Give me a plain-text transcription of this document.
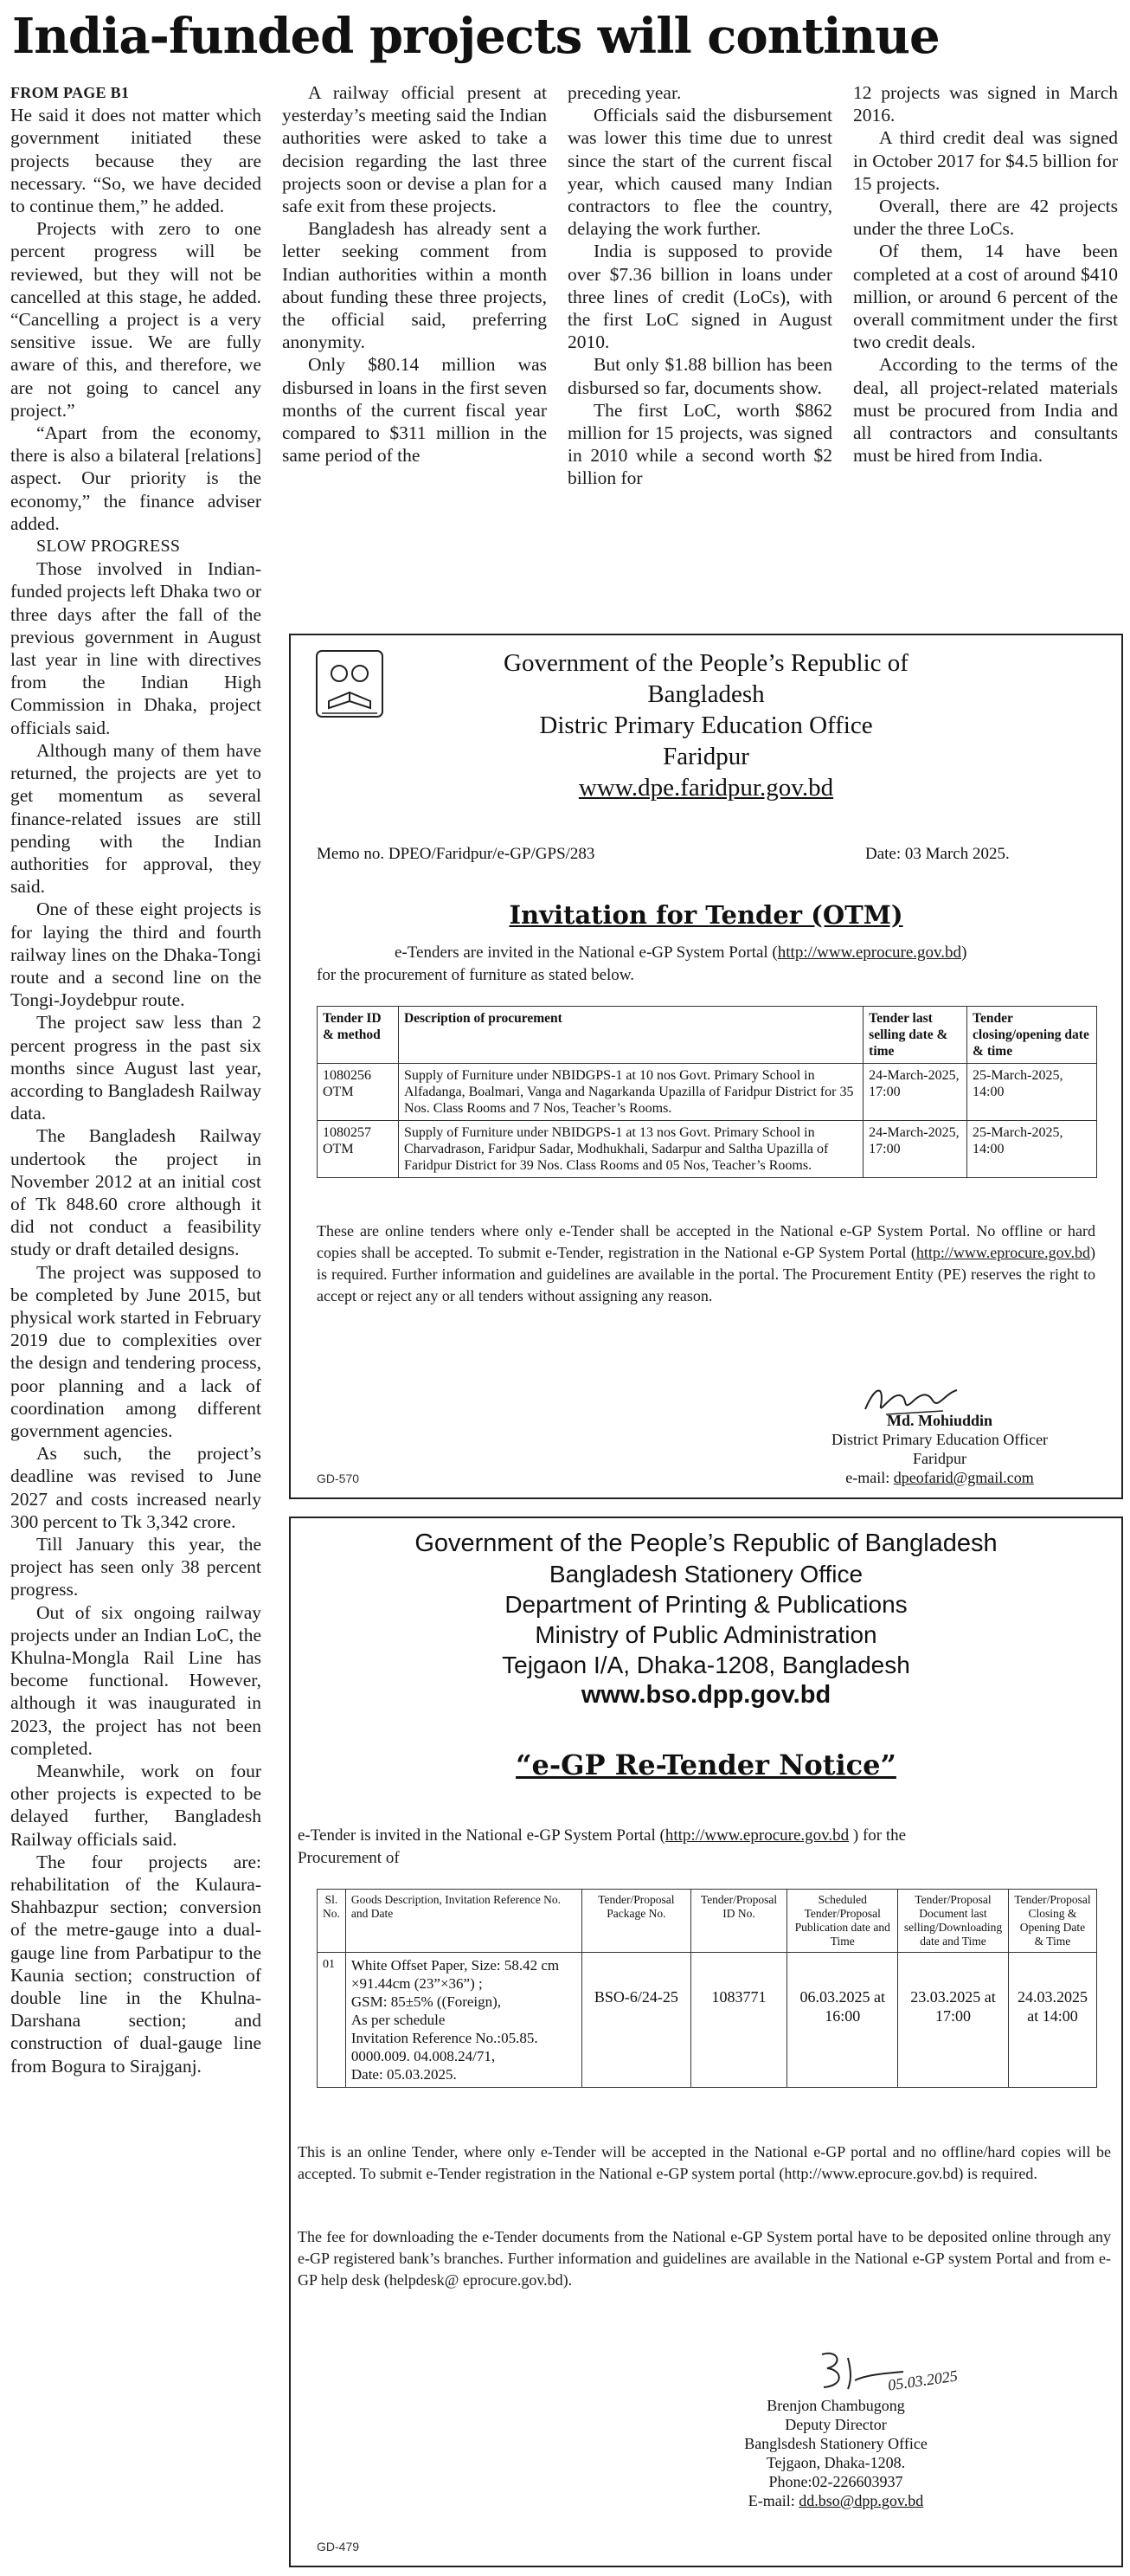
India-funded projects will continue

FROM PAGE B1

He said it does not matter which government initiated these projects because they are necessary. “So, we have decided to continue them,” he added.

Projects with zero to one percent progress will be reviewed, but they will not be cancelled at this stage, he added. “Cancelling a project is a very sensitive issue. We are fully aware of this, and therefore, we are not going to cancel any project.”

“Apart from the economy, there is also a bilateral [relations] aspect. Our priority is the economy,” the finance adviser added.

SLOW PROGRESS

Those involved in Indian-funded projects left Dhaka two or three days after the fall of the previous government in August last year in line with directives from the Indian High Commission in Dhaka, project officials said.

Although many of them have returned, the projects are yet to get momentum as several finance-related issues are still pending with the Indian authorities for approval, they said.

One of these eight projects is for laying the third and fourth railway lines on the Dhaka-Tongi route and a second line on the Tongi-Joydebpur route.

The project saw less than 2 percent progress in the past six months since August last year, according to Bangladesh Railway data.

The Bangladesh Railway undertook the project in November 2012 at an initial cost of Tk 848.60 crore although it did not conduct a feasibility study or draft detailed designs.

The project was supposed to be completed by June 2015, but physical work started in February 2019 due to complexities over the design and tendering process, poor planning and a lack of coordination among different government agencies.

As such, the project’s deadline was revised to June 2027 and costs increased nearly 300 percent to Tk 3,342 crore.

Till January this year, the project has seen only 38 percent progress.

Out of six ongoing railway projects under an Indian LoC, the Khulna-Mongla Rail Line has become functional. However, although it was inaugurated in 2023, the project has not been completed.

Meanwhile, work on four other projects is expected to be delayed further, Bangladesh Railway officials said.

The four projects are: rehabilitation of the Kulaura-Shahbazpur section; conversion of the metre-gauge into a dual-gauge line from Parbatipur to the Kaunia section; construction of double line in the Khulna-Darshana section; and construction of dual-gauge line from Bogura to Sirajganj.

A railway official present at yesterday’s meeting said the Indian authorities were asked to take a decision regarding the last three projects soon or devise a plan for a safe exit from these projects.

Bangladesh has already sent a letter seeking comment from Indian authorities within a month about funding these three projects, the official said, preferring anonymity.

Only $80.14 million was disbursed in loans in the first seven months of the current fiscal year compared to $311 million in the same period of the

preceding year.

Officials said the disbursement was lower this time due to unrest since the start of the current fiscal year, which caused many Indian contractors to flee the country, delaying the work further.

India is supposed to provide over $7.36 billion in loans under three lines of credit (LoCs), with the first LoC signed in August 2010.

But only $1.88 billion has been disbursed so far, documents show.

The first LoC, worth $862 million for 15 projects, was signed in 2010 while a second worth $2 billion for

12 projects was signed in March 2016.

A third credit deal was signed in October 2017 for $4.5 billion for 15 projects.

Overall, there are 42 projects under the three LoCs.

Of them, 14 have been completed at a cost of around $410 million, or around 6 percent of the overall commitment under the first two credit deals.

According to the terms of the deal, all project-related materials must be procured from India and all contractors and consultants must be hired from India.

Government of the People’s Republic of
Bangladesh
Distric Primary Education Office
Faridpur
www.dpe.faridpur.gov.bd
Memo no. DPEO/Faridpur/e-GP/GPS/283	Date: 03 March 2025.
Invitation for Tender (OTM)
e-Tenders are invited in the National e-GP System Portal (http://www.eprocure.gov.bd)
for the procurement of furniture as stated below.
Tender ID & method	Description of procurement	Tender last selling date & time	Tender closing/opening date & time

1080256
OTM	Supply of Furniture under NBIDGPS-1 at 10 nos Govt. Primary School in Alfadanga, Boalmari, Vanga and Nagarkanda Upazilla of Faridpur District for 35 Nos. Class Rooms and 7 Nos, Teacher’s Rooms.	24-March-2025, 17:00	25-March-2025, 14:00

1080257
OTM	Supply of Furniture under NBIDGPS-1 at 13 nos Govt. Primary School in Charvadrason, Faridpur Sadar, Modhukhali, Sadarpur and Saltha Upazilla of Faridpur District for 39 Nos. Class Rooms and 05 Nos, Teacher’s Rooms.	24-March-2025, 17:00	25-March-2025, 14:00
These are online tenders where only e-Tender shall be accepted in the National e-GP System Portal. No offline or hard copies shall be accepted. To submit e-Tender, registration in the National e-GP System Portal (http://www.eprocure.gov.bd) is required. Further information and guidelines are available in the portal. The Procurement Entity (PE) reserves the right to accept or reject any or all tenders without assigning any reason.
Md. Mohiuddin
District Primary Education Officer
Faridpur
e-mail: dpeofarid@gmail.com
GD-570
Government of the People’s Republic of Bangladesh
Bangladesh Stationery Office
Department of Printing & Publications
Ministry of Public Administration
Tejgaon I/A, Dhaka-1208, Bangladesh
www.bso.dpp.gov.bd
“e-GP Re-Tender Notice”
e-Tender is invited in the National e-GP System Portal (http://www.eprocure.gov.bd ) for the
Procurement of
Sl. No.	Goods Description, Invitation Reference No. and Date	Tender/Proposal Package No.	Tender/Proposal ID No.	Scheduled Tender/Proposal Publication date and Time	Tender/Proposal Document last selling/Downloading date and Time	Tender/Proposal Closing & Opening Date & Time
01	White Offset Paper, Size: 58.42 cm ×91.44cm (23”×36”) ;
GSM: 85±5% ((Foreign),
As per schedule
Invitation Reference No.:05.85. 0000.009. 04.008.24/71,
Date: 05.03.2025.	BSO-6/24-25	1083771	06.03.2025 at 16:00	23.03.2025 at 17:00	24.03.2025 at 14:00
This is an online Tender, where only e-Tender will be accepted in the National e-GP portal and no offline/hard copies will be accepted. To submit e-Tender registration in the National e-GP system portal (http://www.eprocure.gov.bd) is required.
The fee for downloading the e-Tender documents from the National e-GP System portal have to be deposited online through any e-GP registered bank’s branches. Further information and guidelines are available in the National e-GP system Portal and from e-GP help desk (helpdesk@ eprocure.gov.bd).
05.03.2025
Brenjon Chambugong
Deputy Director
Banglsdesh Stationery Office
Tejgaon, Dhaka-1208.
Phone:02-226603937
E-mail: dd.bso@dpp.gov.bd
GD-479
